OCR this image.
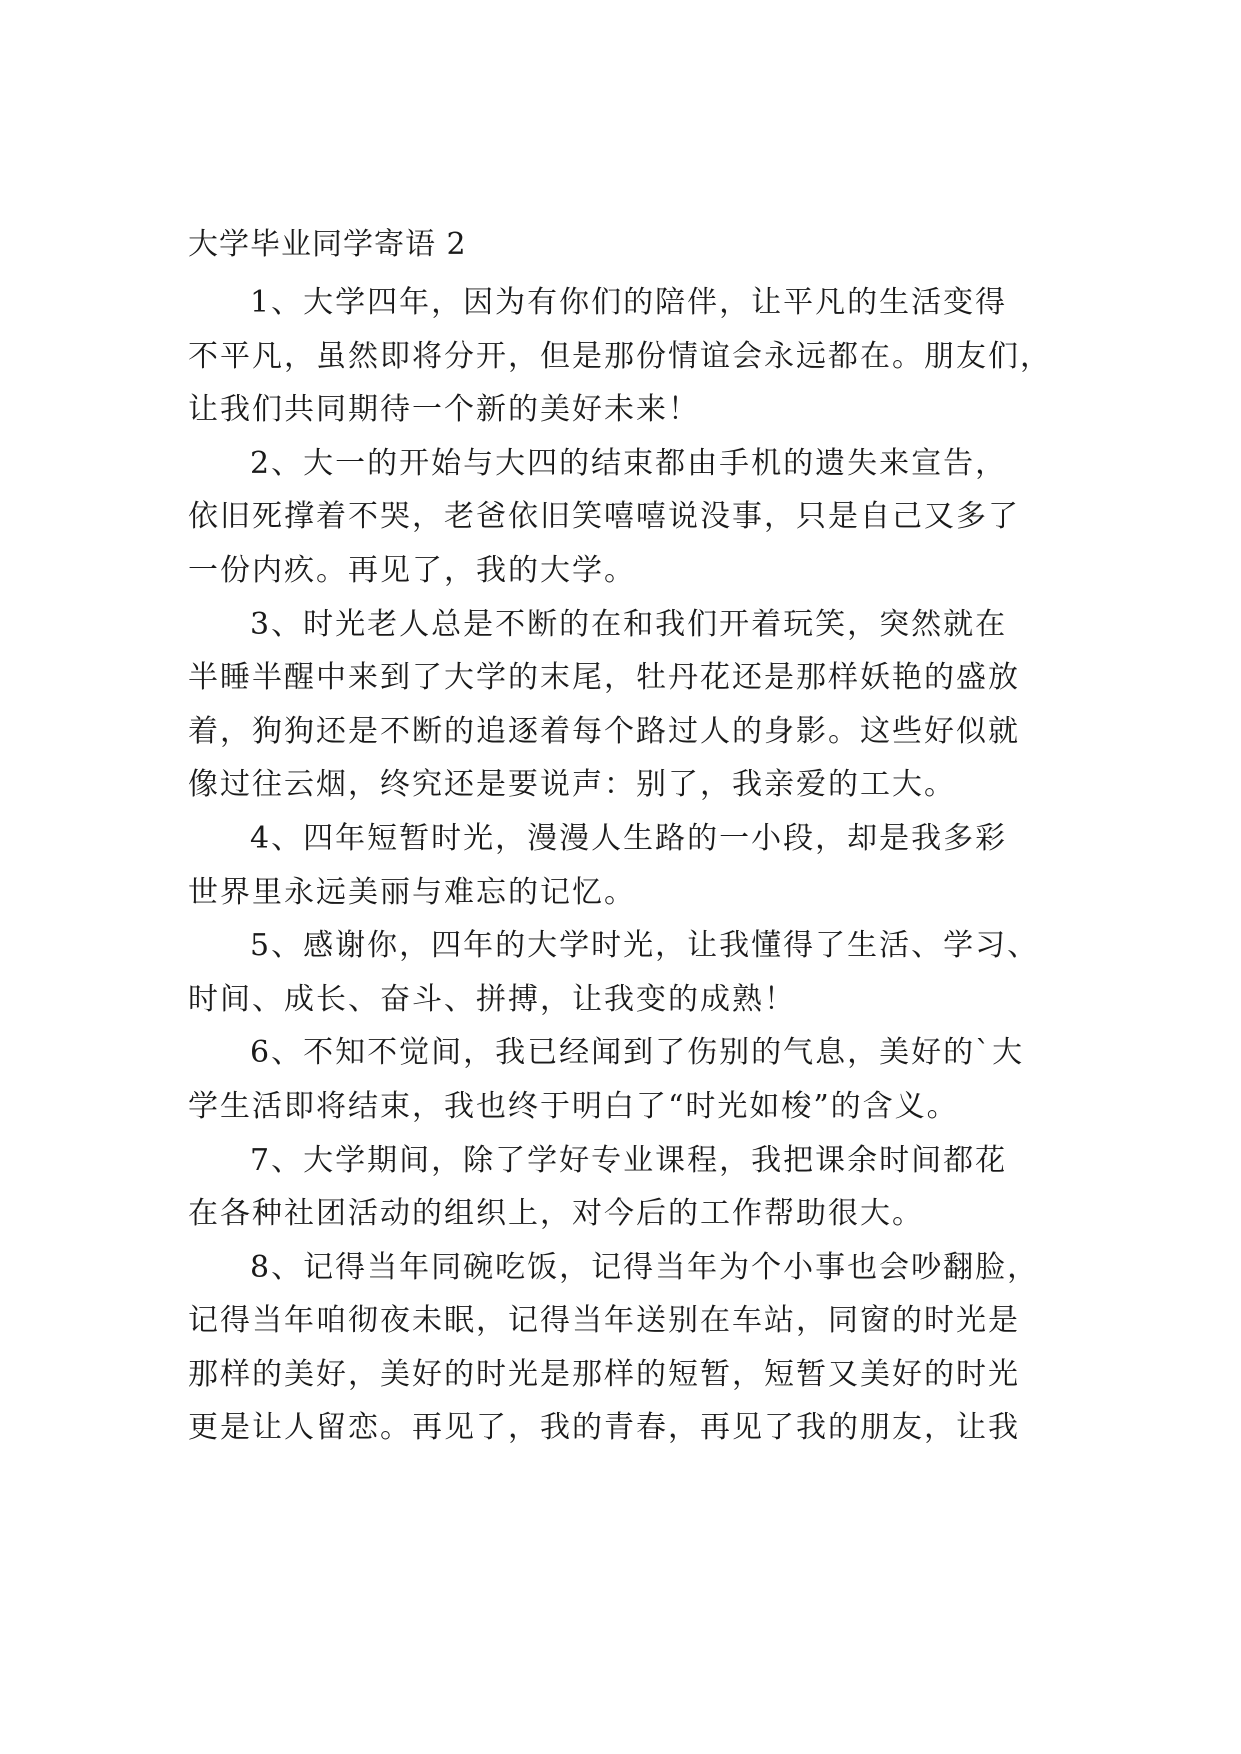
大学毕业同学寄语 2

1、大学四年，因为有你们的陪伴，让平凡的生活变得
不平凡，虽然即将分开，但是那份情谊会永远都在。朋友们，
让我们共同期待一个新的美好未来！

2、大一的开始与大四的结束都由手机的遗失来宣告，
依旧死撑着不哭，老爸依旧笑嘻嘻说没事，只是自己又多了
一份内疚。再见了，我的大学。

3、时光老人总是不断的在和我们开着玩笑，突然就在
半睡半醒中来到了大学的末尾，牡丹花还是那样妖艳的盛放
着，狗狗还是不断的追逐着每个路过人的身影。这些好似就
像过往云烟，终究还是要说声：别了，我亲爱的工大。

4、四年短暂时光，漫漫人生路的一小段，却是我多彩
世界里永远美丽与难忘的记忆。

5、感谢你，四年的大学时光，让我懂得了生活、学习、
时间、成长、奋斗、拼搏，让我变的成熟！

6、不知不觉间，我已经闻到了伤别的气息，美好的`大
学生活即将结束，我也终于明白了“时光如梭”的含义。

7、大学期间，除了学好专业课程，我把课余时间都花
在各种社团活动的组织上，对今后的工作帮助很大。

8、记得当年同碗吃饭，记得当年为个小事也会吵翻脸，
记得当年咱彻夜未眠，记得当年送别在车站，同窗的时光是
那样的美好，美好的时光是那样的短暂，短暂又美好的时光
更是让人留恋。再见了，我的青春，再见了我的朋友，让我
